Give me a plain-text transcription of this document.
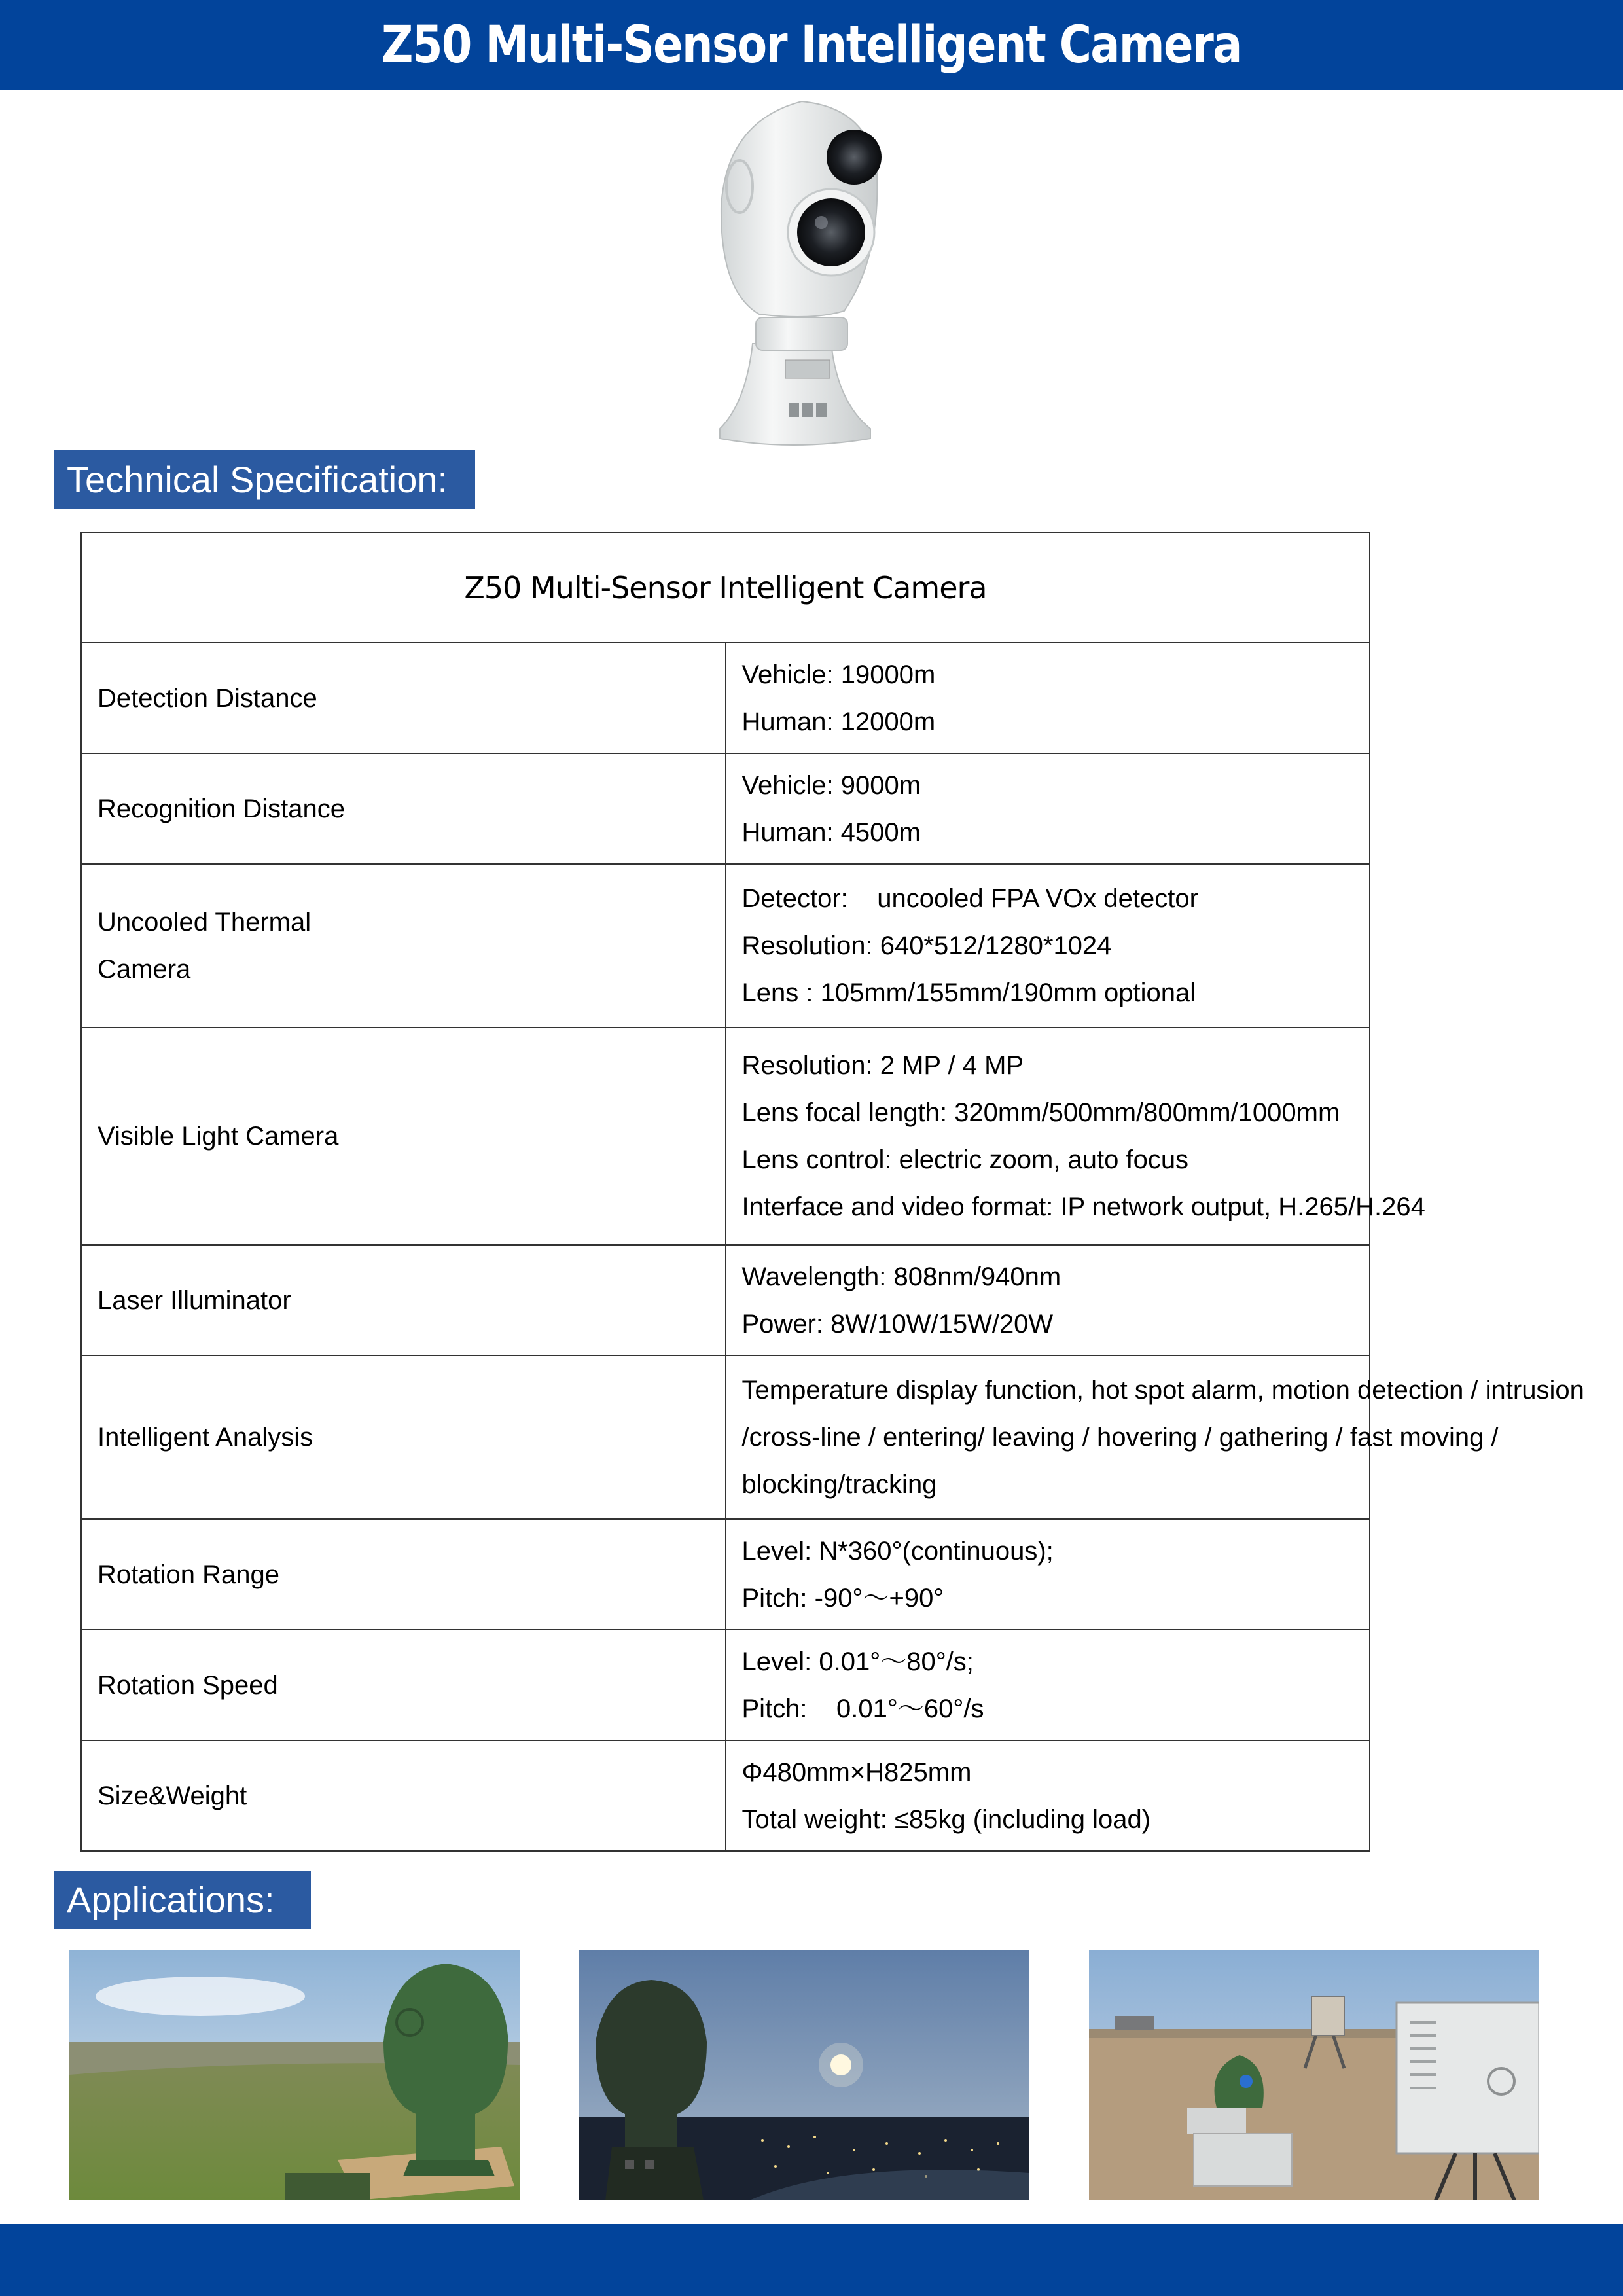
Z50 Multi-Sensor Intelligent Camera
Technical Specification:
Z50 Multi-Sensor Intelligent Camera	
Detection Distance	Vehicle: 19000m
Human: 12000m

Recognition Distance	Vehicle: 9000m
Human: 4500m

Uncooled Thermal
Camera	Detector:    uncooled FPA VOx detector
Resolution: 640*512/1280*1024
Lens : 105mm/155mm/190mm optional

Visible Light Camera	Resolution: 2 MP / 4 MP
Lens focal length: 320mm/500mm/800mm/1000mm
Lens control: electric zoom, auto focus
Interface and video format: IP network output, H.265/H.264

Laser Illuminator	Wavelength: 808nm/940nm
Power: 8W/10W/15W/20W

Intelligent Analysis	Temperature display function, hot spot alarm, motion detection / intrusion
/cross-line / entering/ leaving / hovering / gathering / fast moving /
blocking/tracking

Rotation Range	Level: N*360°(continuous);
Pitch: -90°～+90°

Rotation Speed	Level: 0.01°～80°/s;
Pitch:    0.01°～60°/s

Size&Weight	Φ480mm×H825mm
Total weight: ≤85kg (including load)
Applications:
